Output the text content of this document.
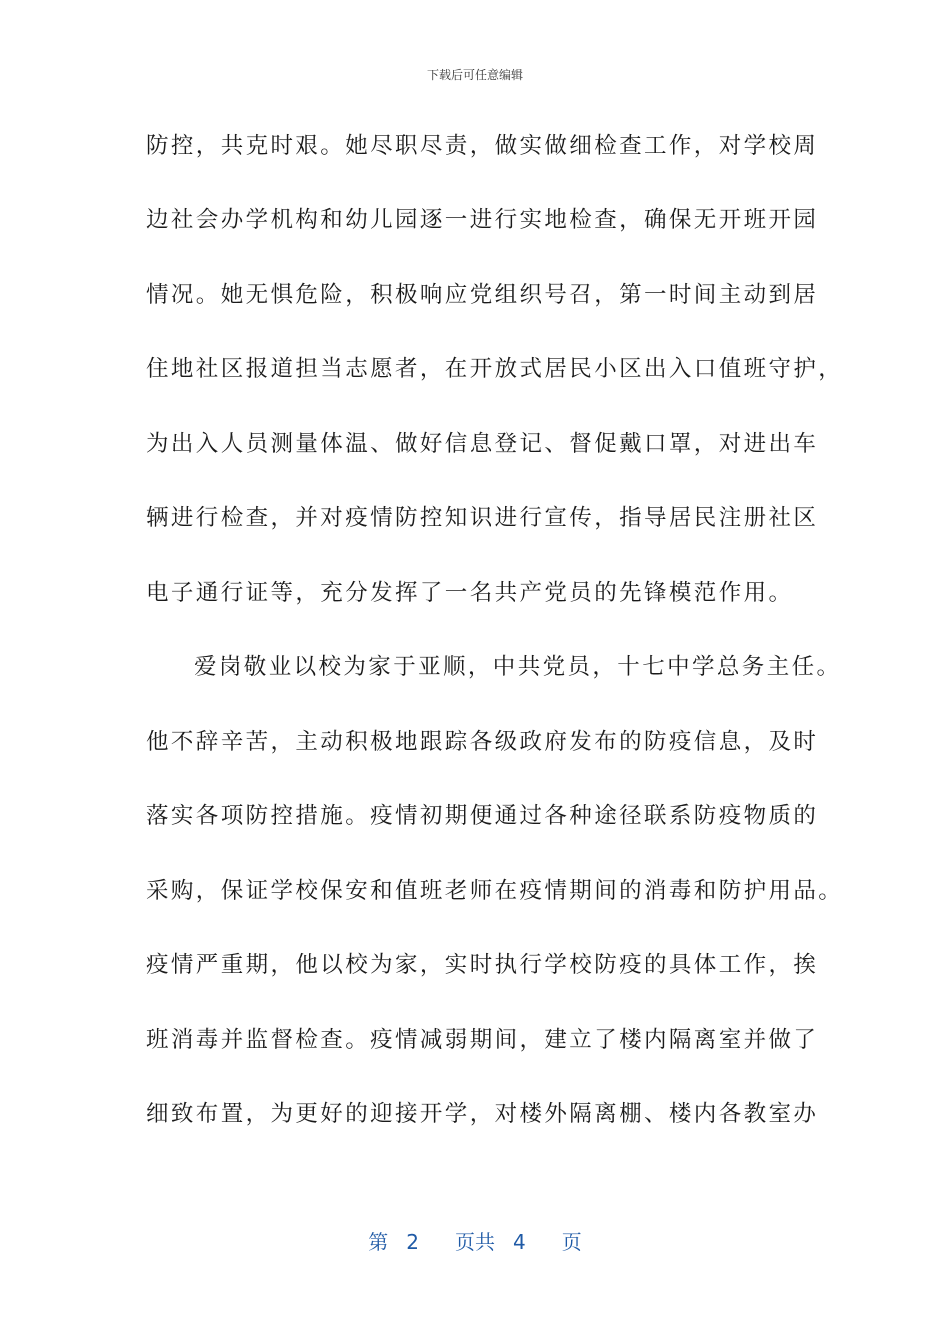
下载后可任意编辑
防控，共克时艰。她尽职尽责，做实做细检查工作，对学校周
边社会办学机构和幼儿园逐一进行实地检查，确保无开班开园
情况。她无惧危险，积极响应党组织号召，第一时间主动到居
住地社区报道担当志愿者，在开放式居民小区出入口值班守护，
为出入人员测量体温、做好信息登记、督促戴口罩，对进出车
辆进行检查，并对疫情防控知识进行宣传，指导居民注册社区
电子通行证等，充分发挥了一名共产党员的先锋模范作用。
爱岗敬业以校为家于亚顺，中共党员，十七中学总务主任。
他不辞辛苦，主动积极地跟踪各级政府发布的防疫信息，及时
落实各项防控措施。疫情初期便通过各种途径联系防疫物质的
采购，保证学校保安和值班老师在疫情期间的消毒和防护用品。
疫情严重期，他以校为家，实时执行学校防疫的具体工作，挨
班消毒并监督检查。疫情减弱期间，建立了楼内隔离室并做了
细致布置，为更好的迎接开学，对楼外隔离棚、楼内各教室办
第 2 页共 4 页
